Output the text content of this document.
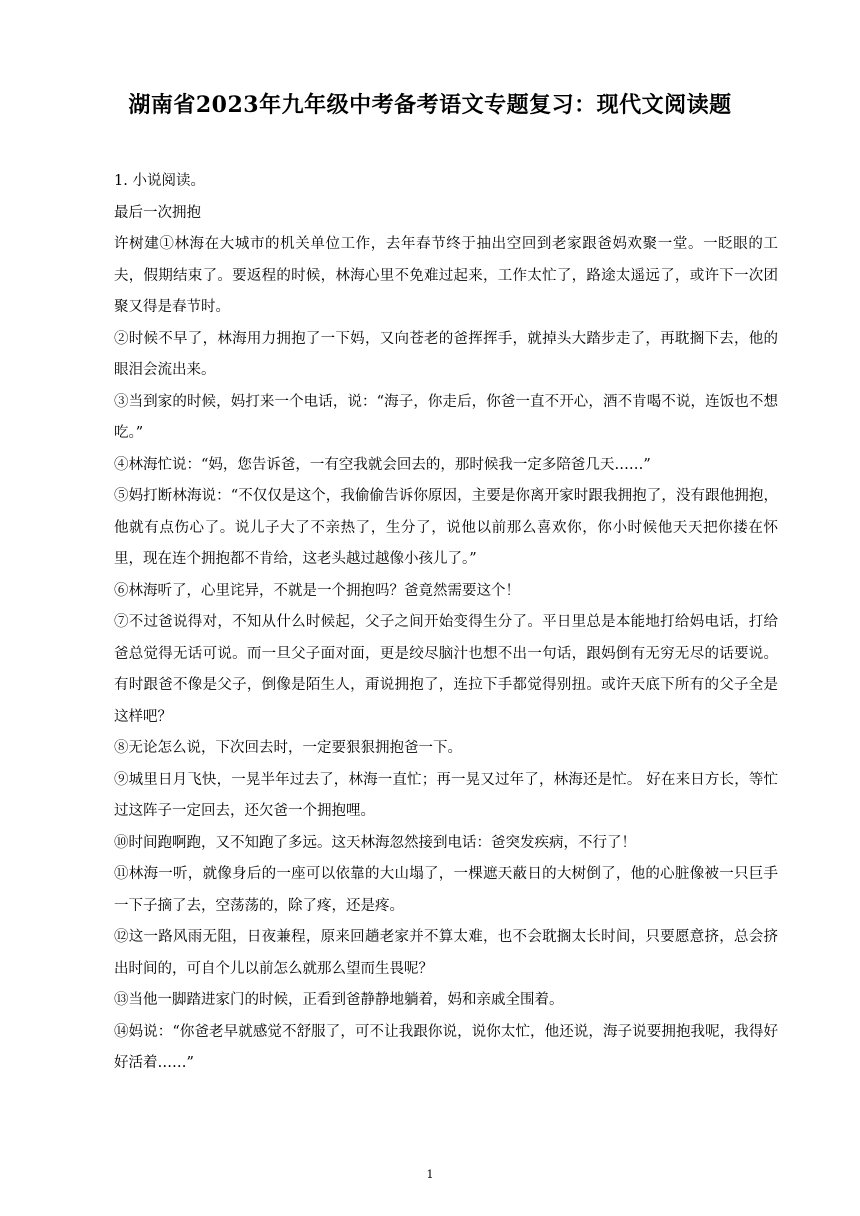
湖南省2023年九年级中考备考语文专题复习：现代文阅读题

1. 小说阅读。

最后一次拥抱

许树建①林海在大城市的机关单位工作，去年春节终于抽出空回到老家跟爸妈欢聚一堂。一眨眼的工夫，假期结束了。要返程的时候，林海心里不免难过起来，工作太忙了，路途太遥远了，或许下一次团聚又得是春节时。

②时候不早了，林海用力拥抱了一下妈，又向苍老的爸挥挥手，就掉头大踏步走了，再耽搁下去，他的眼泪会流出来。

③当到家的时候，妈打来一个电话，说：“海子，你走后，你爸一直不开心，酒不肯喝不说，连饭也不想吃。”

④林海忙说：“妈，您告诉爸，一有空我就会回去的，那时候我一定多陪爸几天……”

⑤妈打断林海说：“不仅仅是这个，我偷偷告诉你原因，主要是你离开家时跟我拥抱了，没有跟他拥抱，他就有点伤心了。说儿子大了不亲热了，生分了，说他以前那么喜欢你，你小时候他天天把你搂在怀里，现在连个拥抱都不肯给，这老头越过越像小孩儿了。”

⑥林海听了，心里诧异，不就是一个拥抱吗？爸竟然需要这个！

⑦不过爸说得对，不知从什么时候起，父子之间开始变得生分了。平日里总是本能地打给妈电话，打给爸总觉得无话可说。而一旦父子面对面，更是绞尽脑汁也想不出一句话，跟妈倒有无穷无尽的话要说。有时跟爸不像是父子，倒像是陌生人，甭说拥抱了，连拉下手都觉得别扭。或许天底下所有的父子全是这样吧？

⑧无论怎么说，下次回去时，一定要狠狠拥抱爸一下。

⑨城里日月飞快，一晃半年过去了，林海一直忙；再一晃又过年了，林海还是忙。 好在来日方长，等忙过这阵子一定回去，还欠爸一个拥抱哩。

⑩时间跑啊跑，又不知跑了多远。这天林海忽然接到电话：爸突发疾病，不行了！

⑪林海一听，就像身后的一座可以依靠的大山塌了，一棵遮天蔽日的大树倒了，他的心脏像被一只巨手一下子摘了去，空荡荡的，除了疼，还是疼。

⑫这一路风雨无阻，日夜兼程，原来回趟老家并不算太难，也不会耽搁太长时间，只要愿意挤，总会挤出时间的，可自个儿以前怎么就那么望而生畏呢？

⑬当他一脚踏进家门的时候，正看到爸静静地躺着，妈和亲戚全围着。

⑭妈说：“你爸老早就感觉不舒服了，可不让我跟你说，说你太忙，他还说，海子说要拥抱我呢，我得好好活着……”

1
